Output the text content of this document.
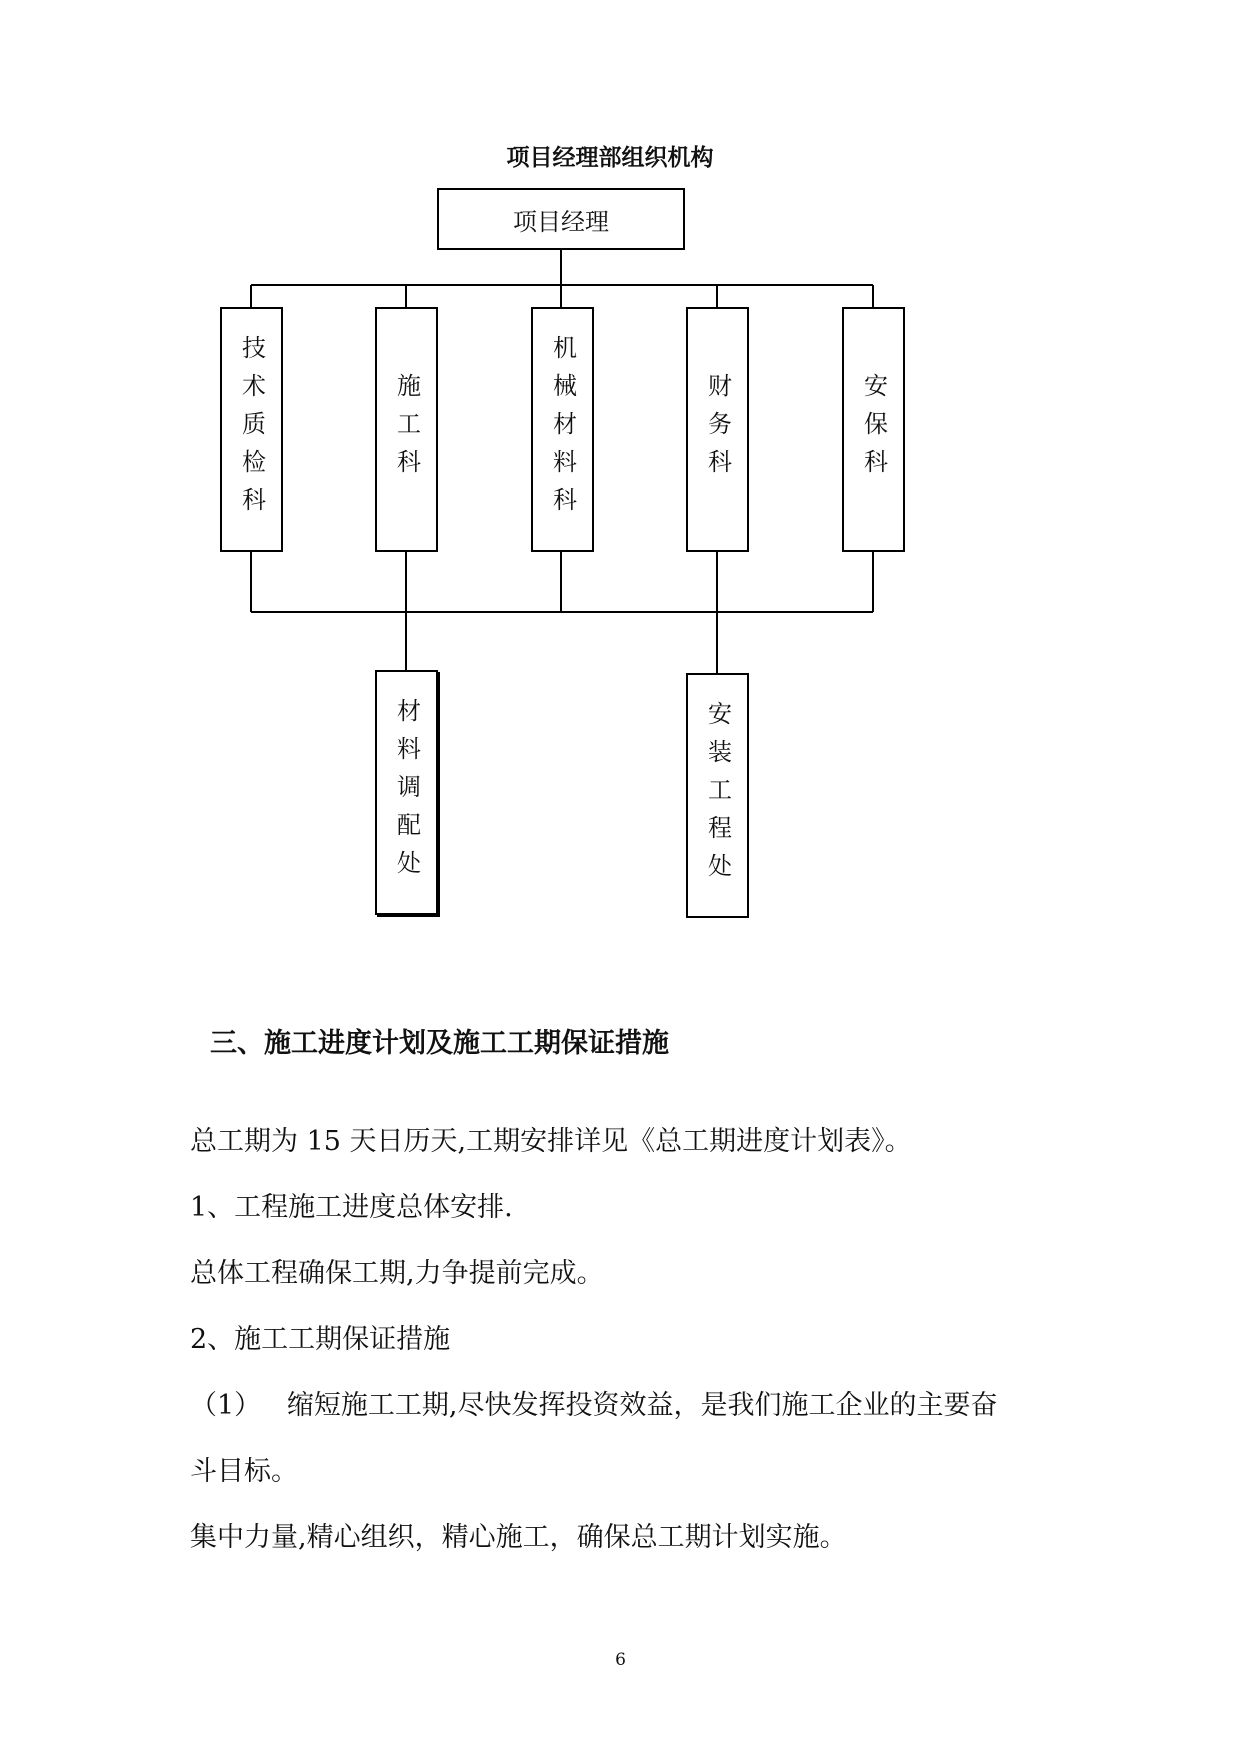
项目经理部组织机构
项目经理
技术质检科	施工科	机械材料科	财务科	安保科
材料调配处	安装工程处
三、施工进度计划及施工工期保证措施
总工期为 15 天日历天,工期安排详见《总工期进度计划表》。
1、工程施工进度总体安排.
总体工程确保工期,力争提前完成。
2、施工工期保证措施
（1）   缩短施工工期,尽快发挥投资效益，是我们施工企业的主要奋
斗目标。
集中力量,精心组织，精心施工，确保总工期计划实施。
6
